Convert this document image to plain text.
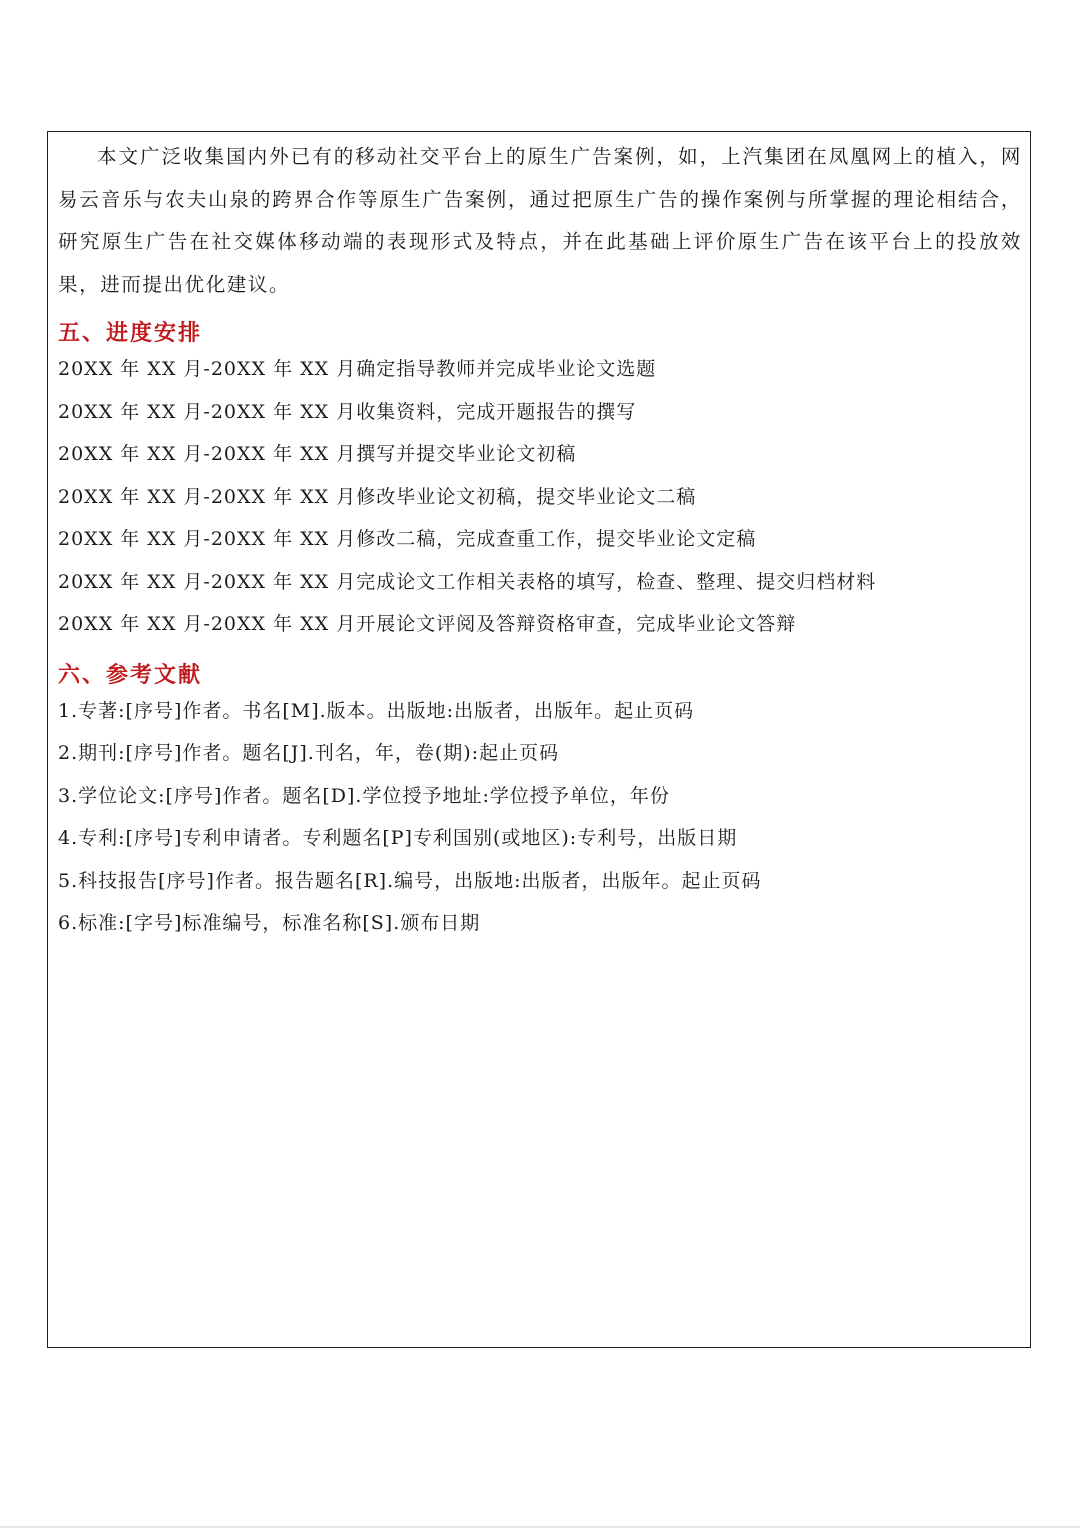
本文广泛收集国内外已有的移动社交平台上的原生广告案例，如，上汽集团在凤凰网上的植入，网易云音乐与农夫山泉的跨界合作等原生广告案例，通过把原生广告的操作案例与所掌握的理论相结合，研究原生广告在社交媒体移动端的表现形式及特点，并在此基础上评价原生广告在该平台上的投放效果，进而提出优化建议。

五、进度安排
20XX 年 XX 月-20XX 年 XX 月确定指导教师并完成毕业论文选题
20XX 年 XX 月-20XX 年 XX 月收集资料，完成开题报告的撰写
20XX 年 XX 月-20XX 年 XX 月撰写并提交毕业论文初稿
20XX 年 XX 月-20XX 年 XX 月修改毕业论文初稿，提交毕业论文二稿
20XX 年 XX 月-20XX 年 XX 月修改二稿，完成查重工作，提交毕业论文定稿
20XX 年 XX 月-20XX 年 XX 月完成论文工作相关表格的填写，检查、整理、提交归档材料
20XX 年 XX 月-20XX 年 XX 月开展论文评阅及答辩资格审查，完成毕业论文答辩
六、参考文献
1.专著:[序号]作者。书名[M].版本。出版地:出版者，出版年。起止页码
2.期刊:[序号]作者。题名[J].刊名，年，卷(期):起止页码
3.学位论文:[序号]作者。题名[D].学位授予地址:学位授予单位，年份
4.专利:[序号]专利申请者。专利题名[P]专利国别(或地区):专利号，出版日期
5.科技报告[序号]作者。报告题名[R].编号，出版地:出版者，出版年。起止页码
6.标准:[字号]标准编号，标准名称[S].颁布日期
